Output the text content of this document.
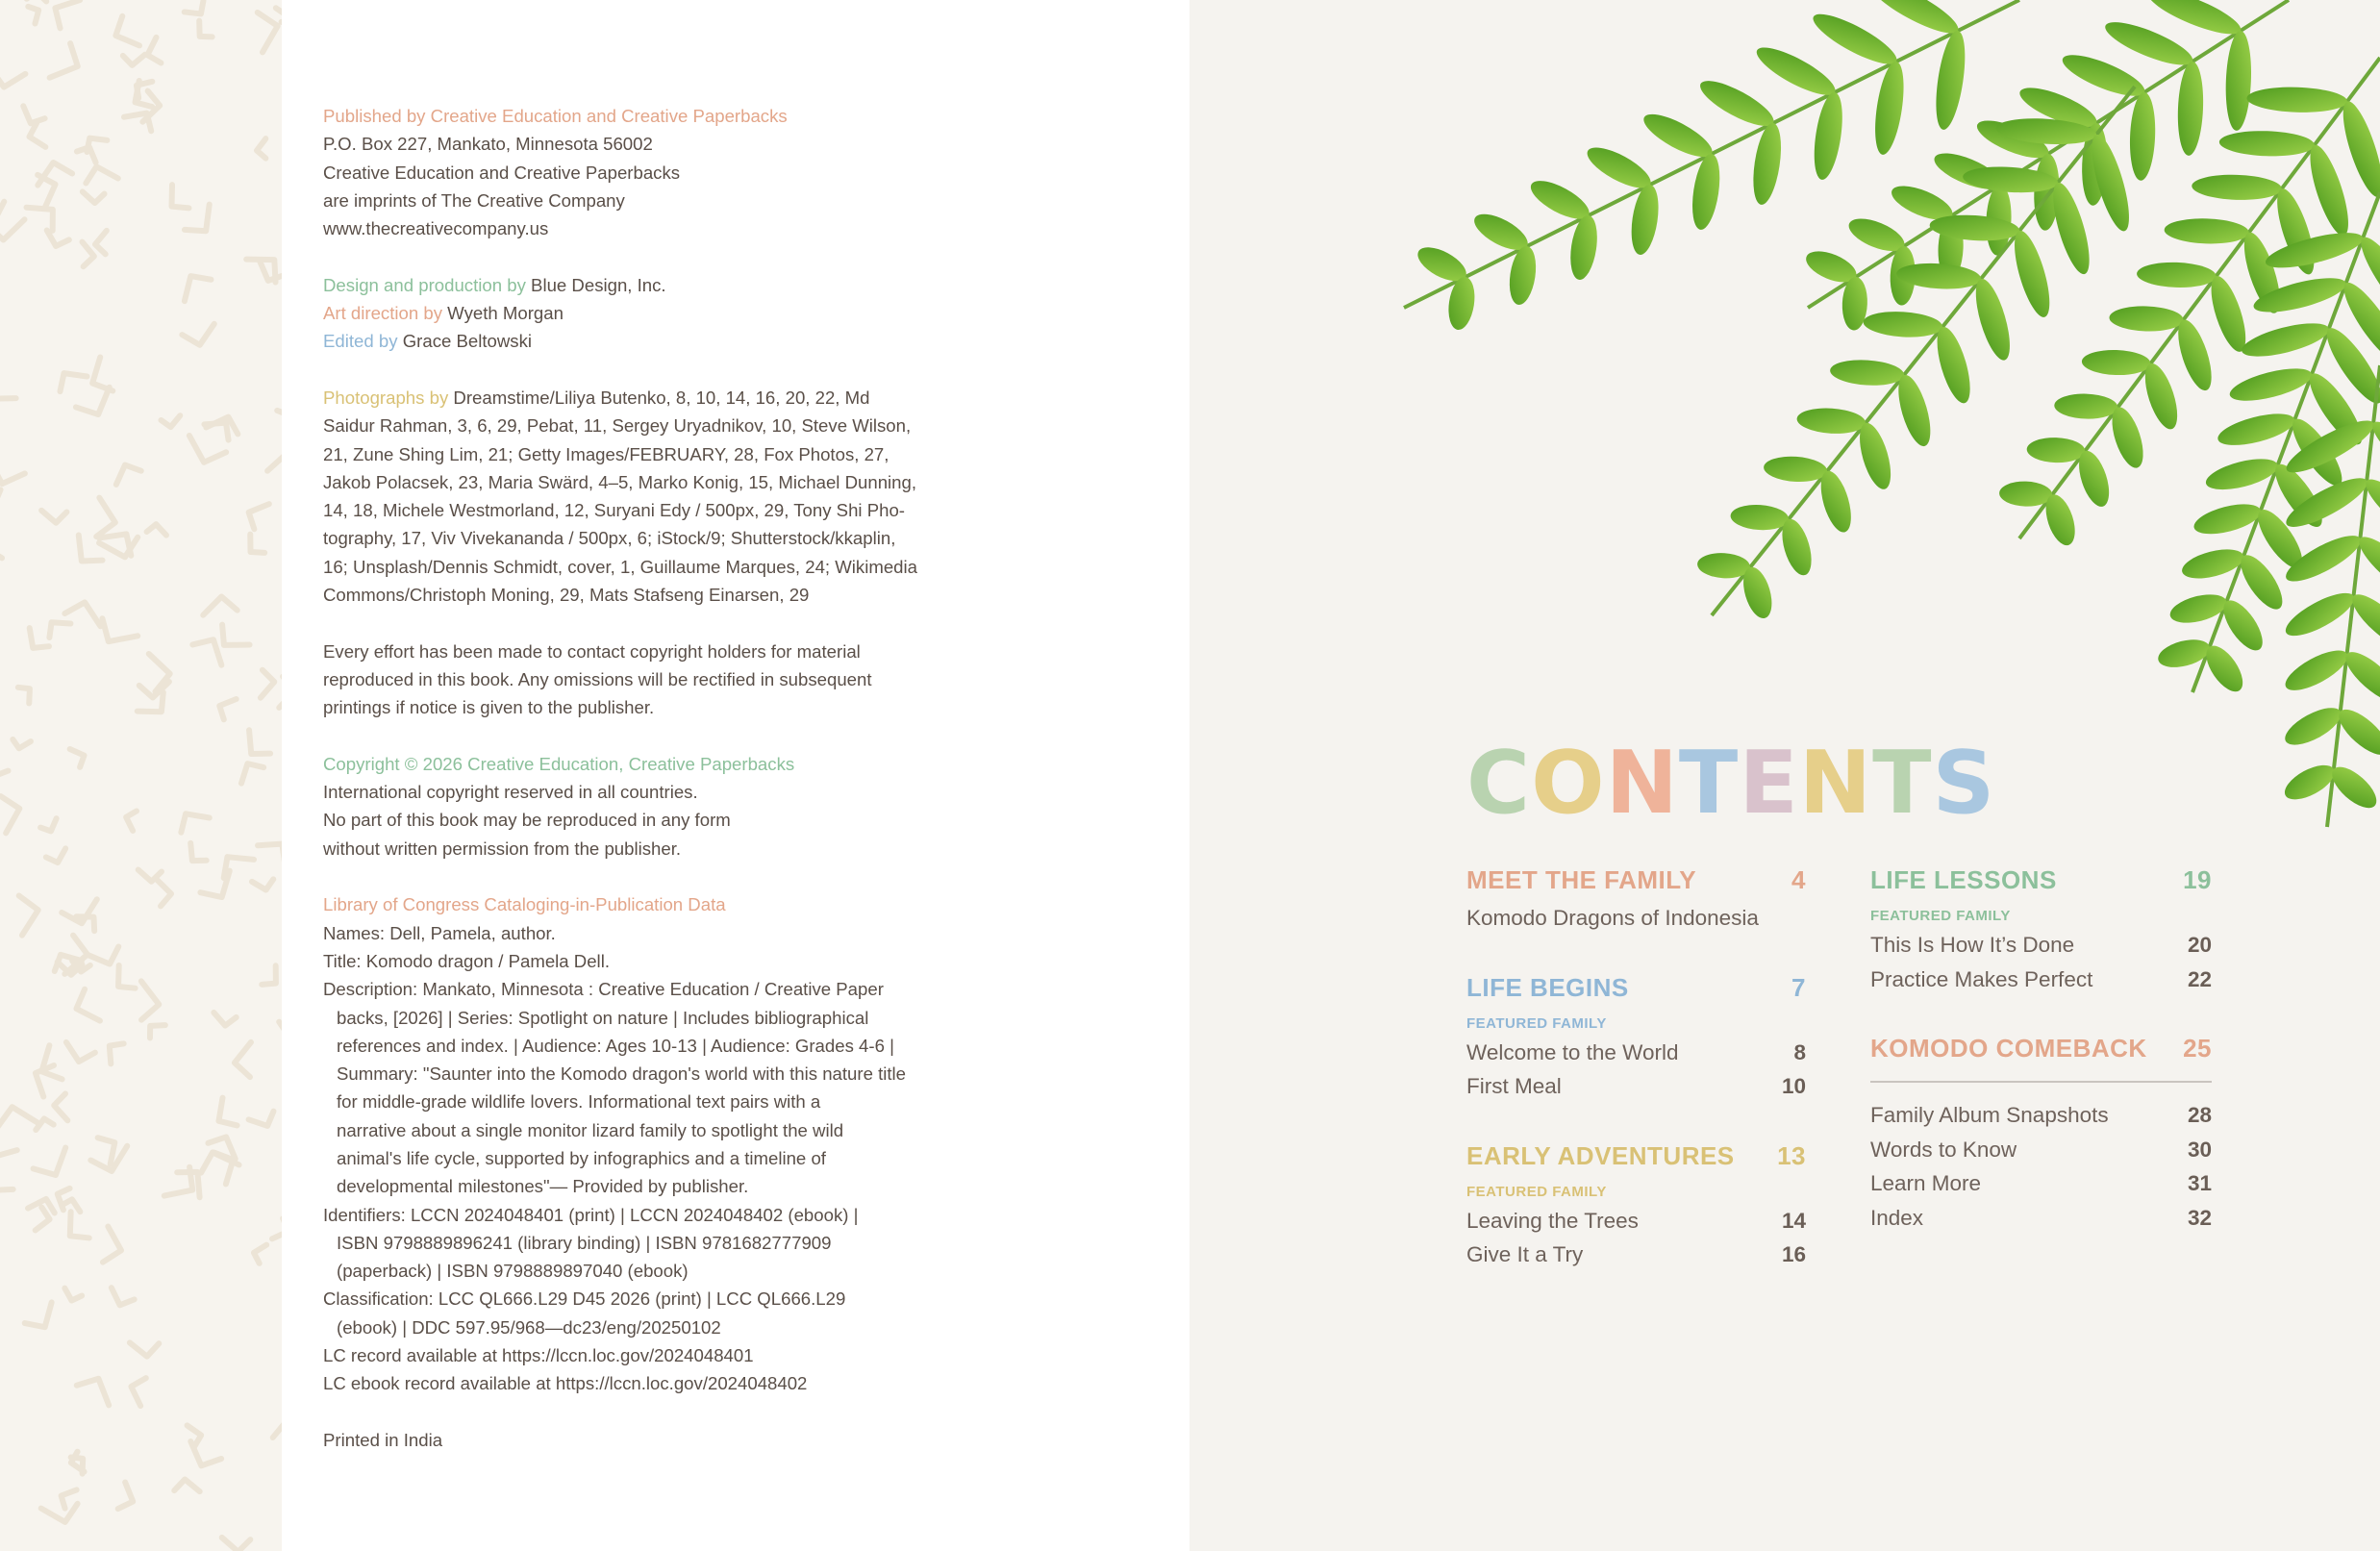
Published by Creative Education and Creative Paperbacks

P.O. Box 227, Mankato, Minnesota 56002

Creative Education and Creative Paperbacks

are imprints of The Creative Company

www.thecreativecompany.us

Design and production by Blue Design, Inc.

Art direction by Wyeth Morgan

Edited by Grace Beltowski

Photographs by Dreamstime/Liliya Butenko, 8, 10, 14, 16, 20, 22, Md

Saidur Rahman, 3, 6, 29, Pebat, 11, Sergey Uryadnikov, 10, Steve Wilson,

21, Zune Shing Lim, 21; Getty Images/FEBRUARY, 28, Fox Photos, 27,

Jakob Polacsek, 23, Maria Swärd, 4–5, Marko Konig, 15, Michael Dunning,

14, 18, Michele Westmorland, 12, Suryani Edy / 500px, 29, Tony Shi Pho-

tography, 17, Viv Vivekananda / 500px, 6; iStock/9; Shutterstock/kkaplin,

16; Unsplash/Dennis Schmidt, cover, 1, Guillaume Marques, 24; Wikimedia

Commons/Christoph Moning, 29, Mats Stafseng Einarsen, 29

Every effort has been made to contact copyright holders for material

reproduced in this book. Any omissions will be rectified in subsequent

printings if notice is given to the publisher.

Copyright © 2026 Creative Education, Creative Paperbacks

International copyright reserved in all countries.

No part of this book may be reproduced in any form

without written permission from the publisher.

Library of Congress Cataloging-in-Publication Data

Names: Dell, Pamela, author.

Title: Komodo dragon / Pamela Dell.

Description: Mankato, Minnesota : Creative Education / Creative Paper

backs, [2026] | Series: Spotlight on nature | Includes bibliographical

references and index. | Audience: Ages 10-13 | Audience: Grades 4-6 |

Summary: "Saunter into the Komodo dragon's world with this nature title

for middle-grade wildlife lovers. Informational text pairs with a

narrative about a single monitor lizard family to spotlight the wild

animal's life cycle, supported by infographics and a timeline of

developmental milestones"— Provided by publisher.

Identifiers: LCCN 2024048401 (print) | LCCN 2024048402 (ebook) |

ISBN 9798889896241 (library binding) | ISBN 9781682777909

(paperback) | ISBN 9798889897040 (ebook)

Classification: LCC QL666.L29 D45 2026 (print) | LCC QL666.L29

(ebook) | DDC 597.95/968—dc23/eng/20250102

LC record available at https://lccn.loc.gov/2024048401

LC ebook record available at https://lccn.loc.gov/2024048402

Printed in India

CONTENTS
MEET THE FAMILY	4
Komodo Dragons of Indonesia
LIFE BEGINS	7
FEATURED FAMILY
Welcome to the World	8
First Meal	10
EARLY ADVENTURES 13
FEATURED FAMILY
Leaving the Trees	14
Give It a Try	16
LIFE LESSONS	19
FEATURED FAMILY
This Is How It’s Done	20
Practice Makes Perfect	22
KOMODO COMEBACK 25
Family Album Snapshots	28
Words to Know	30
Learn More	31
Index	32
